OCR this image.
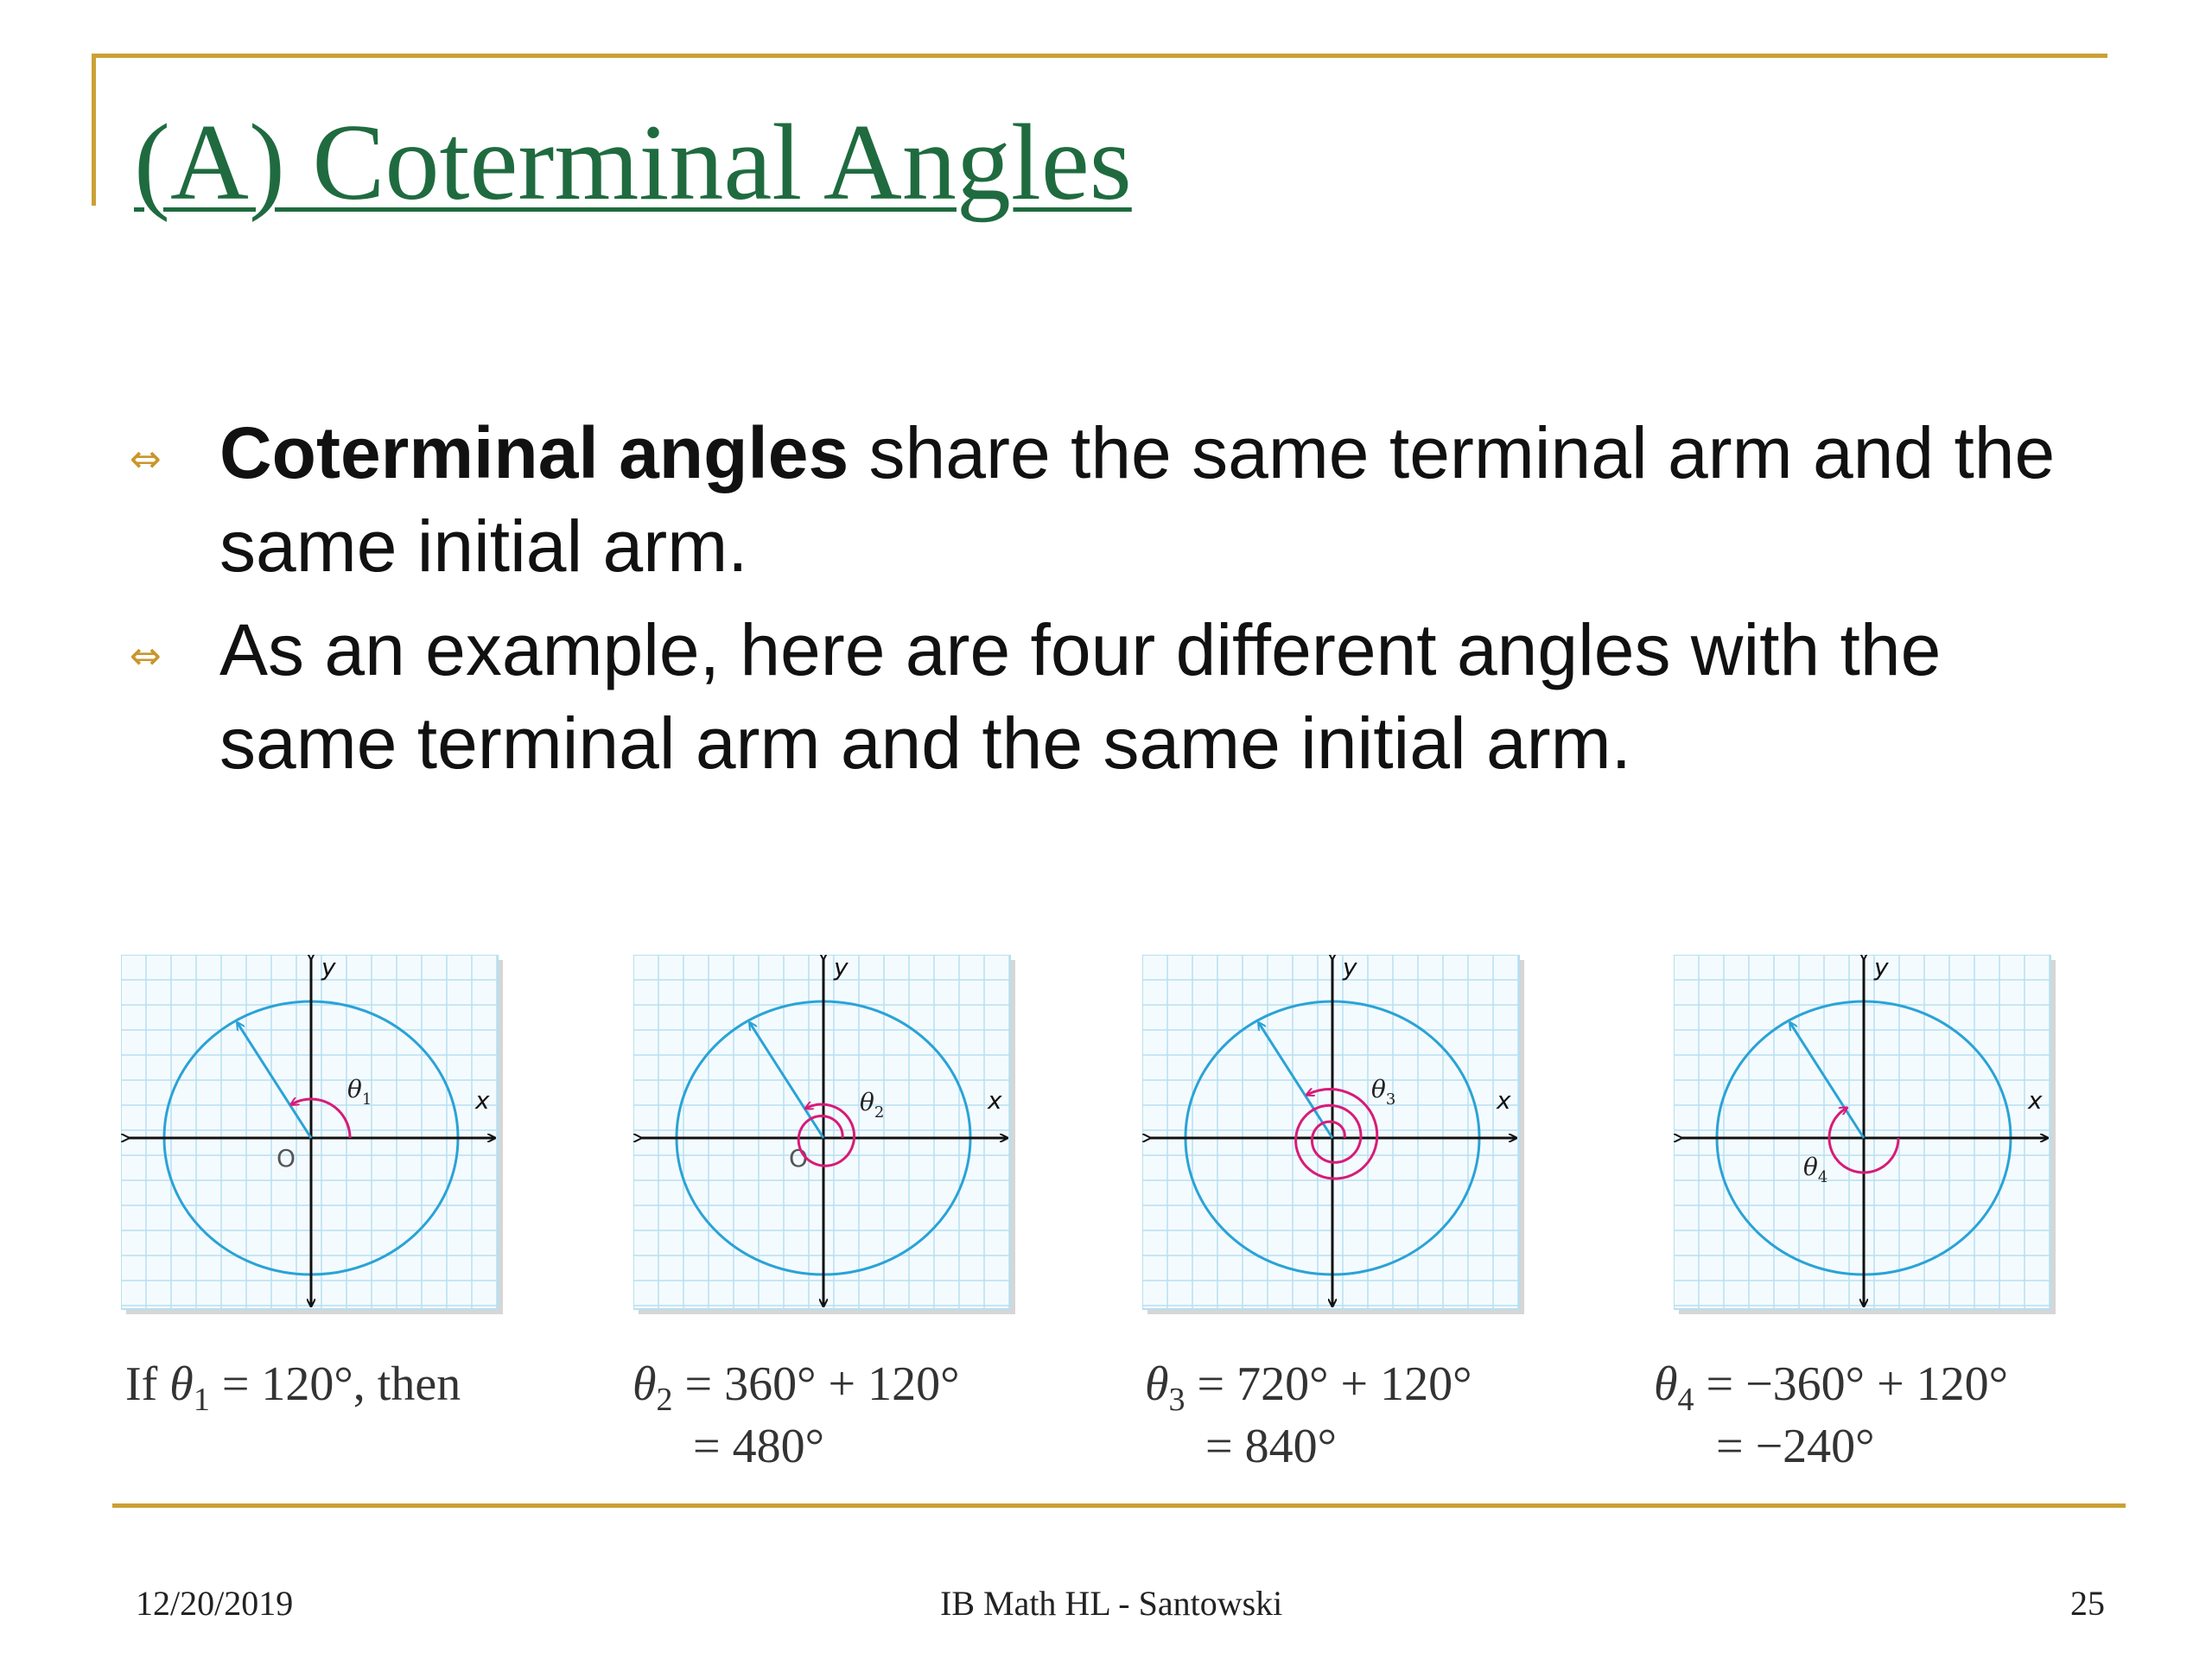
(A) Coterminal Angles
⇔ Coterminal angles share the same terminal arm and the same initial arm.
⇔ As an example, here are four different angles with the same terminal arm and the same initial arm.
x
y
O
$\theta_1$	x
y
O
$\theta_2$	x
y
$\theta_3$	x
y
$\theta_4$
If $\theta_1 = 120^\circ$, then	$\theta_2 = 360^\circ + 120^\circ$
= 480°
$\theta_3 = 720^\circ + 120^\circ$
= 840°
$\theta_4 = -360^\circ + 120^\circ$
= −240°
12/20/2019	IB Math HL - Santowski	25
